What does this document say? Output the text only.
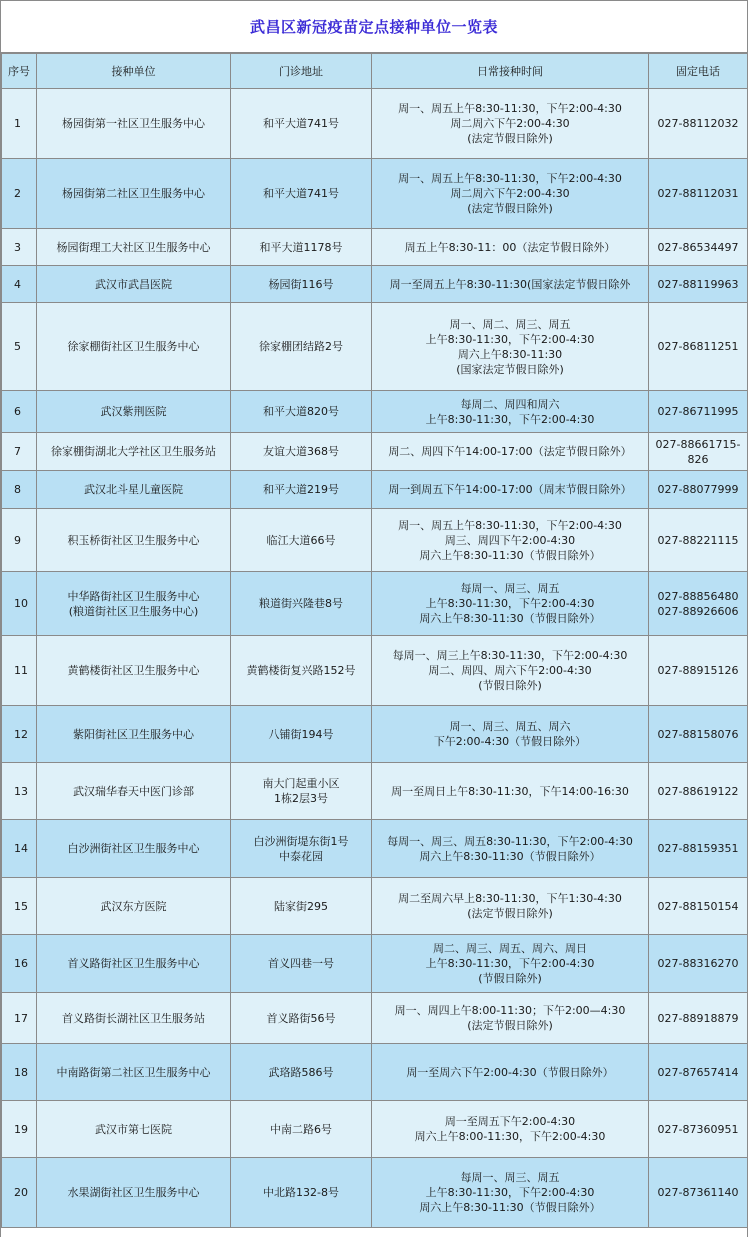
武昌区新冠疫苗定点接种单位一览表
序号	接种单位	门诊地址	日常接种时间	固定电话
1	杨园街第一社区卫生服务中心	和平大道741号	周一、周五上午8:30-11:30，下午2:00-4:30
周二周六下午2:00-4:30
(法定节假日除外)	027-88112032

2	杨园街第二社区卫生服务中心	和平大道741号	周一、周五上午8:30-11:30，下午2:00-4:30
周二周六下午2:00-4:30
(法定节假日除外)	027-88112031

3	杨园街理工大社区卫生服务中心	和平大道1178号	周五上午8:30-11：00（法定节假日除外）	027-86534497

4	武汉市武昌医院	杨园街116号	周一至周五上午8:30-11:30(国家法定节假日除外	027-88119963

5	徐家棚街社区卫生服务中心	徐家棚团结路2号	周一、周二、周三、周五
上午8:30-11:30，下午2:00-4:30
周六上午8:30-11:30
(国家法定节假日除外)	027-86811251

6	武汉紫荆医院	和平大道820号	每周二、周四和周六
上午8:30-11:30，下午2:00-4:30	027-86711995

7	徐家棚街湖北大学社区卫生服务站	友谊大道368号	周二、周四下午14:00-17:00（法定节假日除外）	027-88661715-
826

8	武汉北斗星儿童医院	和平大道219号	周一到周五下午14:00-17:00（周末节假日除外）	027-88077999

9	积玉桥街社区卫生服务中心	临江大道66号	周一、周五上午8:30-11:30，下午2:00-4:30
周三、周四下午2:00-4:30
周六上午8:30-11:30（节假日除外）	027-88221115

10	中华路街社区卫生服务中心
(粮道街社区卫生服务中心)	粮道街兴隆巷8号	每周一、周三、周五
上午8:30-11:30，下午2:00-4:30
周六上午8:30-11:30（节假日除外）	027-88856480
027-88926606

11	黄鹤楼街社区卫生服务中心	黄鹤楼街复兴路152号	每周一、周三上午8:30-11:30，下午2:00-4:30
周二、周四、周六下午2:00-4:30
(节假日除外)	027-88915126

12	紫阳街社区卫生服务中心	八铺街194号	周一、周三、周五、周六
下午2:00-4:30（节假日除外）	027-88158076

13	武汉瑞华春天中医门诊部	南大门起重小区
1栋2层3号	周一至周日上午8:30-11:30，下午14:00-16:30	027-88619122

14	白沙洲街社区卫生服务中心	白沙洲街堤东街1号
中泰花园	每周一、周三、周五8:30-11:30，下午2:00-4:30
周六上午8:30-11:30（节假日除外）	027-88159351

15	武汉东方医院	陆家街295	周二至周六早上8:30-11:30，下午1:30-4:30
(法定节假日除外)	027-88150154

16	首义路街社区卫生服务中心	首义四巷一号	周二、周三、周五、周六、周日
上午8:30-11:30，下午2:00-4:30
(节假日除外)	027-88316270

17	首义路街长湖社区卫生服务站	首义路街56号	周一、周四上午8:00-11:30；下午2:00—4:30
(法定节假日除外)	027-88918879

18	中南路街第二社区卫生服务中心	武珞路586号	周一至周六下午2:00-4:30（节假日除外）	027-87657414

19	武汉市第七医院	中南二路6号	周一至周五下午2:00-4:30
周六上午8:00-11:30，下午2:00-4:30	027-87360951

20	水果湖街社区卫生服务中心	中北路132-8号	每周一、周三、周五
上午8:30-11:30，下午2:00-4:30
周六上午8:30-11:30（节假日除外）	027-87361140
